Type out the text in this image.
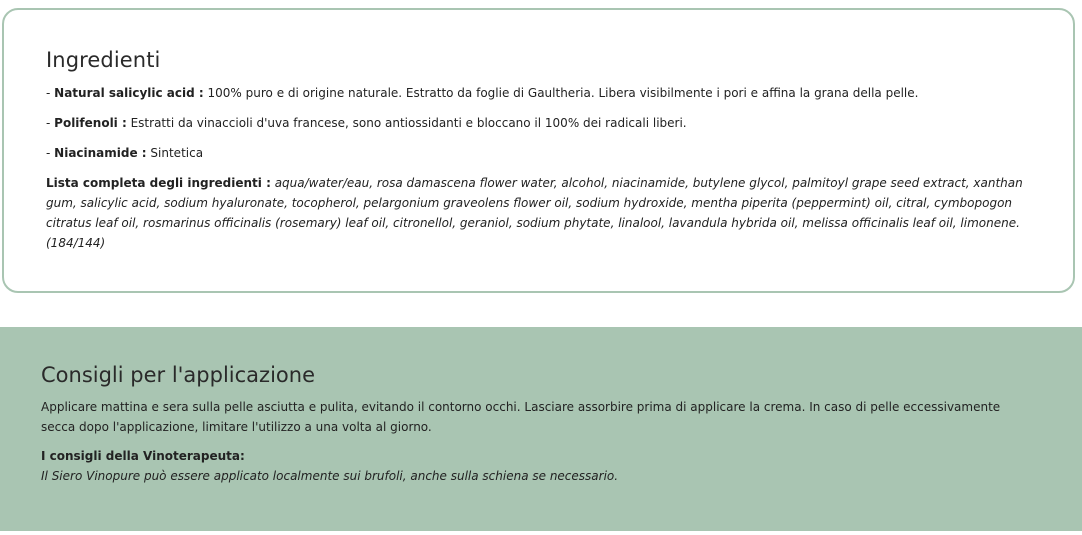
Ingredienti

- Natural salicylic acid : 100% puro e di origine naturale. Estratto da foglie di Gaultheria. Libera visibilmente i pori e affina la grana della pelle.

- Polifenoli : Estratti da vinaccioli d'uva francese, sono antiossidanti e bloccano il 100% dei radicali liberi.

- Niacinamide : Sintetica

Lista completa degli ingredienti : aqua/water/eau, rosa damascena flower water, alcohol, niacinamide, butylene glycol, palmitoyl grape seed extract, xanthan gum, salicylic acid, sodium hyaluronate, tocopherol, pelargonium graveolens flower oil, sodium hydroxide, mentha piperita (peppermint) oil, citral, cymbopogon citratus leaf oil, rosmarinus officinalis (rosemary) leaf oil, citronellol, geraniol, sodium phytate, linalool, lavandula hybrida oil, melissa officinalis leaf oil, limonene. (184/144)

Consigli per l'applicazione

Applicare mattina e sera sulla pelle asciutta e pulita, evitando il contorno occhi. Lasciare assorbire prima di applicare la crema. In caso di pelle eccessivamente secca dopo l'applicazione, limitare l'utilizzo a una volta al giorno.

I consigli della Vinoterapeuta:

Il Siero Vinopure può essere applicato localmente sui brufoli, anche sulla schiena se necessario.
